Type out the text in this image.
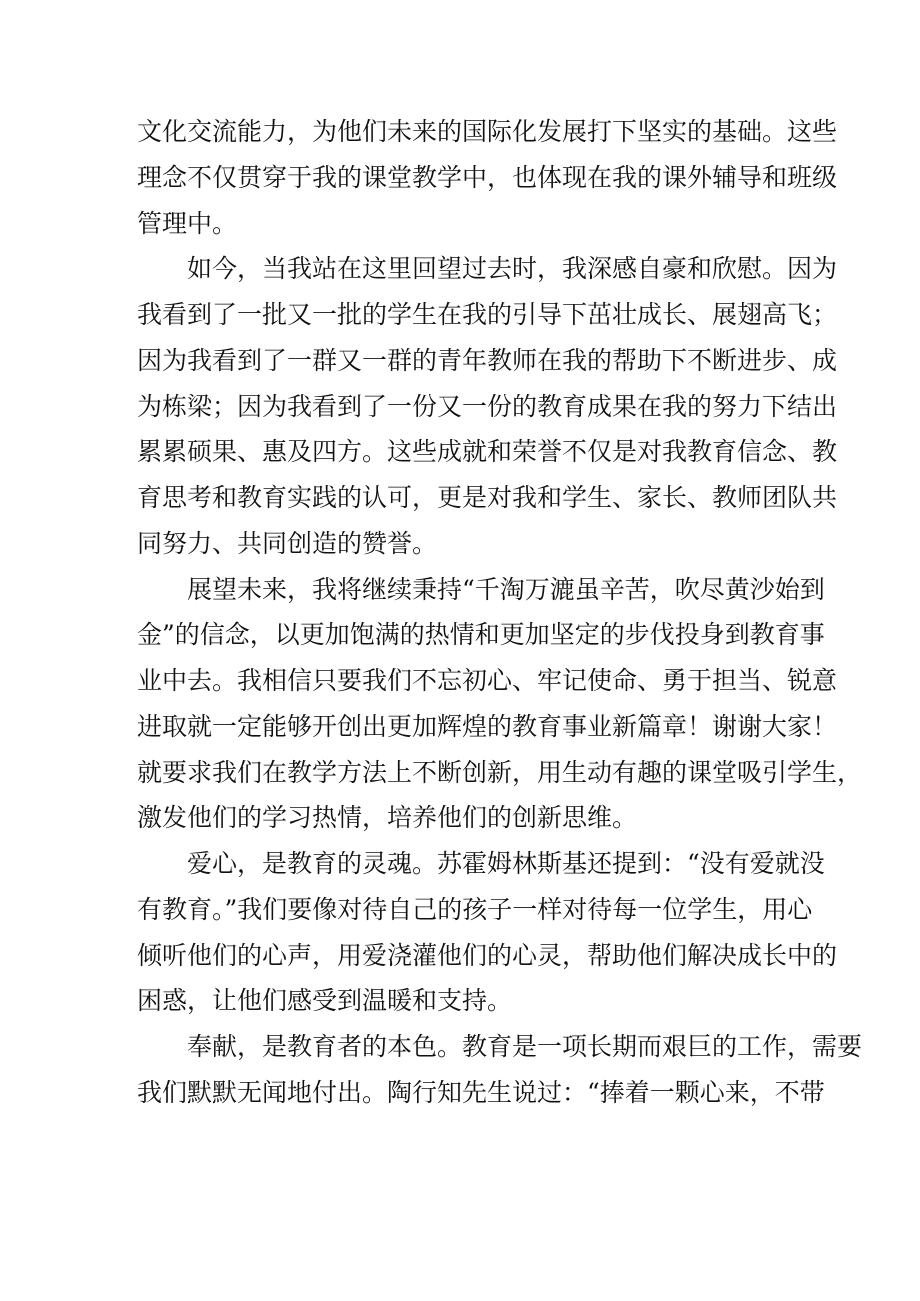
文化交流能力，为他们未来的国际化发展打下坚实的基础。这些
理念不仅贯穿于我的课堂教学中，也体现在我的课外辅导和班级
管理中。
如今，当我站在这里回望过去时，我深感自豪和欣慰。因为
我看到了一批又一批的学生在我的引导下茁壮成长、展翅高飞；
因为我看到了一群又一群的青年教师在我的帮助下不断进步、成
为栋梁；因为我看到了一份又一份的教育成果在我的努力下结出
累累硕果、惠及四方。这些成就和荣誉不仅是对我教育信念、教
育思考和教育实践的认可，更是对我和学生、家长、教师团队共
同努力、共同创造的赞誉。
展望未来，我将继续秉持“千淘万漉虽辛苦，吹尽黄沙始到
金”的信念，以更加饱满的热情和更加坚定的步伐投身到教育事
业中去。我相信只要我们不忘初心、牢记使命、勇于担当、锐意
进取就一定能够开创出更加辉煌的教育事业新篇章！谢谢大家！
就要求我们在教学方法上不断创新，用生动有趣的课堂吸引学生，
激发他们的学习热情，培养他们的创新思维。
爱心，是教育的灵魂。苏霍姆林斯基还提到：“没有爱就没
有教育。”我们要像对待自己的孩子一样对待每一位学生，用心
倾听他们的心声，用爱浇灌他们的心灵，帮助他们解决成长中的
困惑，让他们感受到温暖和支持。
奉献，是教育者的本色。教育是一项长期而艰巨的工作，需要
我们默默无闻地付出。陶行知先生说过：“捧着一颗心来，不带
